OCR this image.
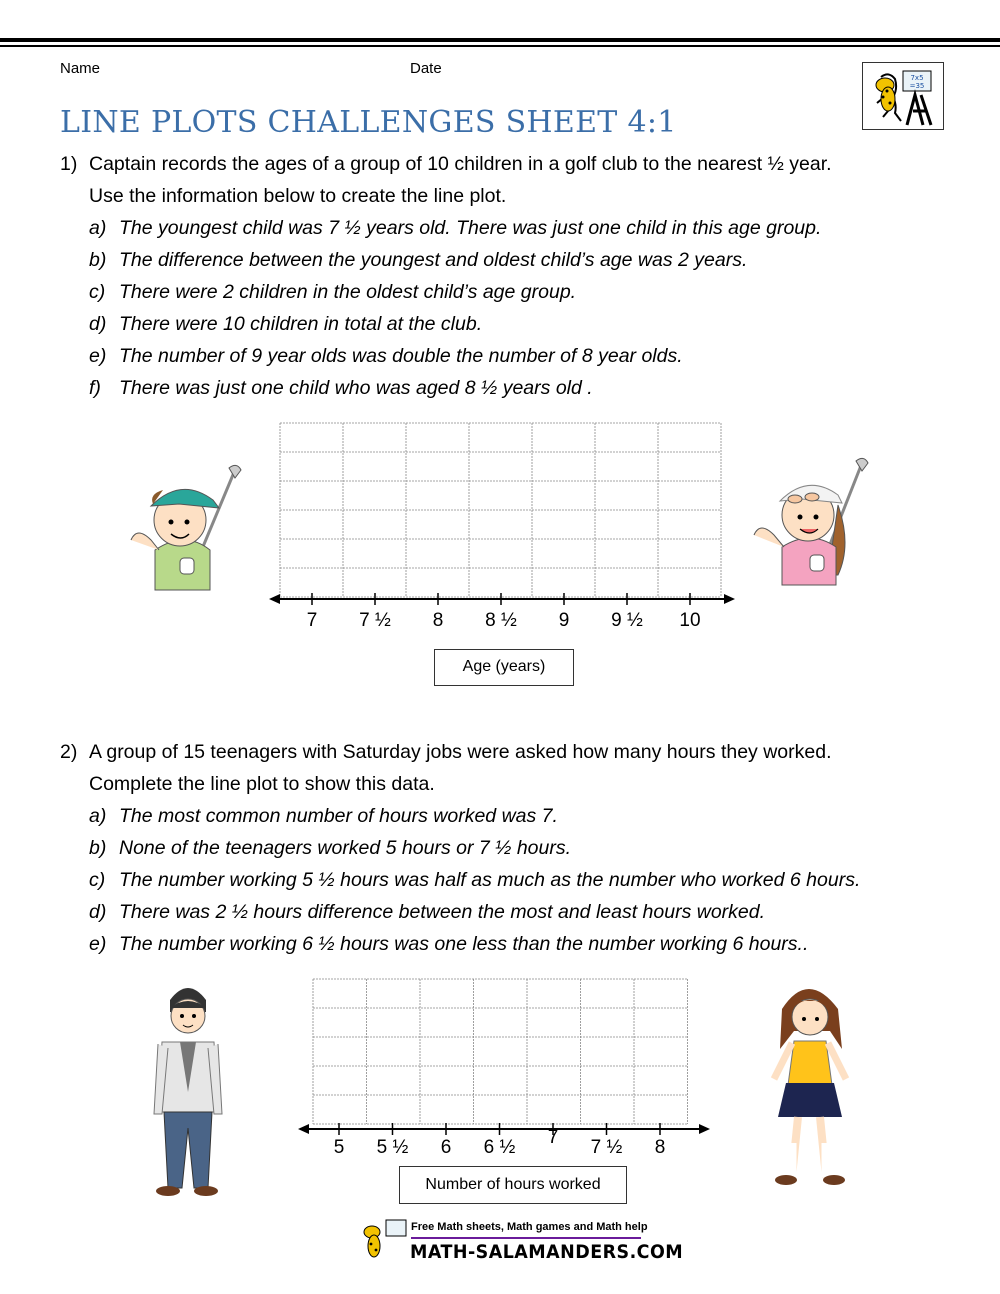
Name	Date
7x5
=35
LINE PLOTS CHALLENGES SHEET 4:1
1) Captain records the ages of a group of 10 children in a golf club to the nearest ½ year.
Use the information below to create the line plot.
a) The youngest child was 7 ½ years old. There was just one child in this age group.
b) The difference between the youngest and oldest child’s age was 2 years.
c) There were 2 children in the oldest child’s age group.
d) There were 10 children in total at the club.
e) The number of 9 year olds was double the number of 8 year olds.
f) There was just one child who was aged 8 ½ years old .
7 7 ½ 8 8 ½ 9 9 ½ 10
Age (years)
2) A group of 15 teenagers with Saturday jobs were asked how many hours they worked.
Complete the line plot to show this data.
a) The most common number of hours worked was 7.
b) None of the teenagers worked 5 hours or 7 ½ hours.
c) The number working 5 ½ hours was half as much as the number who worked 6 hours.
d) There was 2 ½ hours difference between the most and least hours worked.
e) The number working 6 ½ hours was one less than the number working 6 hours..
5 5 ½ 6 6 ½ 7 7 ½ 8
Number of hours worked
Free Math sheets, Math games and Math help
MATH-SALAMANDERS.COM
